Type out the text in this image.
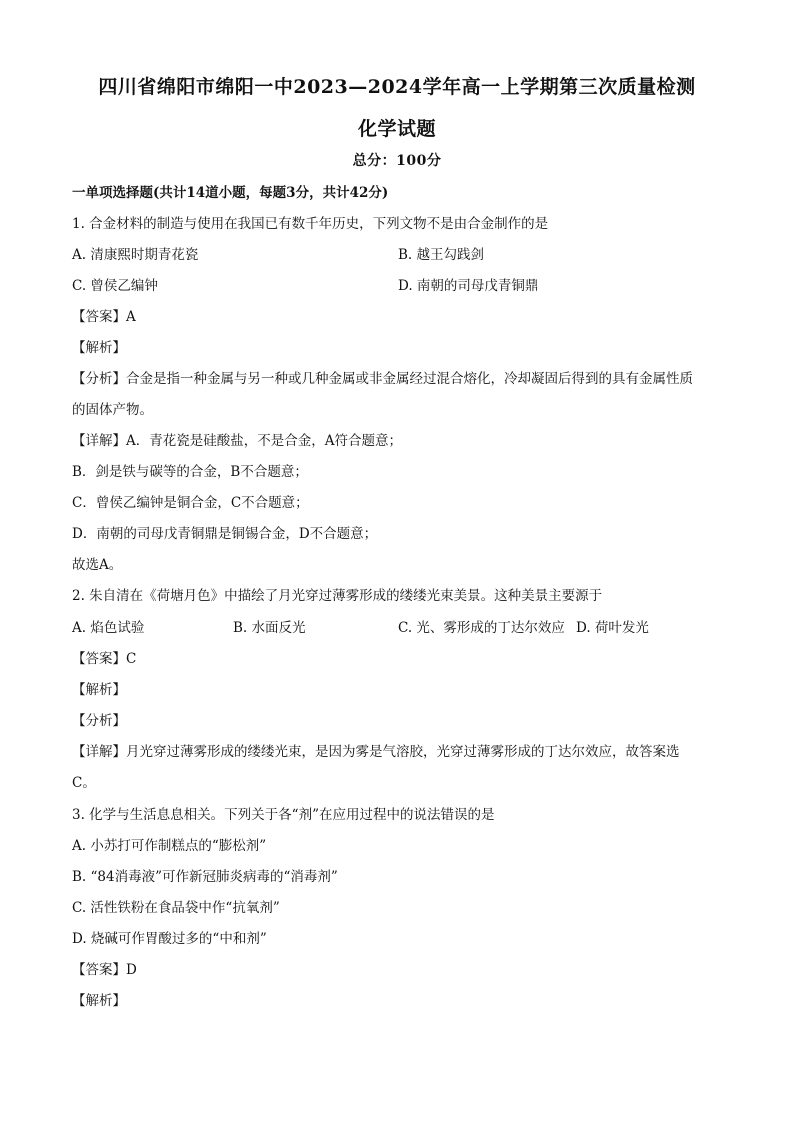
四川省绵阳市绵阳一中2023—2024学年高一上学期第三次质量检测
化学试题
总分：100分
一单项选择题(共计14道小题，每题3分，共计42分)
1. 合金材料的制造与使用在我国已有数千年历史，下列文物不是由合金制作的是
A. 清康熙时期青花瓷	B. 越王勾践剑
C. 曾侯乙编钟	D. 南朝的司母戊青铜鼎
【答案】A
【解析】
【分析】合金是指一种金属与另一种或几种金属或非金属经过混合熔化，冷却凝固后得到的具有金属性质
的固体产物。
【详解】A．青花瓷是硅酸盐，不是合金，A符合题意；
B．剑是铁与碳等的合金，B不合题意；
C．曾侯乙编钟是铜合金，C不合题意；
D．南朝的司母戊青铜鼎是铜锡合金，D不合题意；
故选A。
2. 朱自清在《荷塘月色》中描绘了月光穿过薄雾形成的缕缕光束美景。这种美景主要源于
A. 焰色试验	B. 水面反光	C. 光、雾形成的丁达尔效应 D. 荷叶发光
【答案】C
【解析】
【分析】
【详解】月光穿过薄雾形成的缕缕光束，是因为雾是气溶胶，光穿过薄雾形成的丁达尔效应，故答案选
C。
3. 化学与生活息息相关。下列关于各“剂”在应用过程中的说法错误的是
A. 小苏打可作制糕点的“膨松剂”
B. “84消毒液”可作新冠肺炎病毒的“消毒剂”
C. 活性铁粉在食品袋中作“抗氧剂”
D. 烧碱可作胃酸过多的“中和剂”
【答案】D
【解析】
